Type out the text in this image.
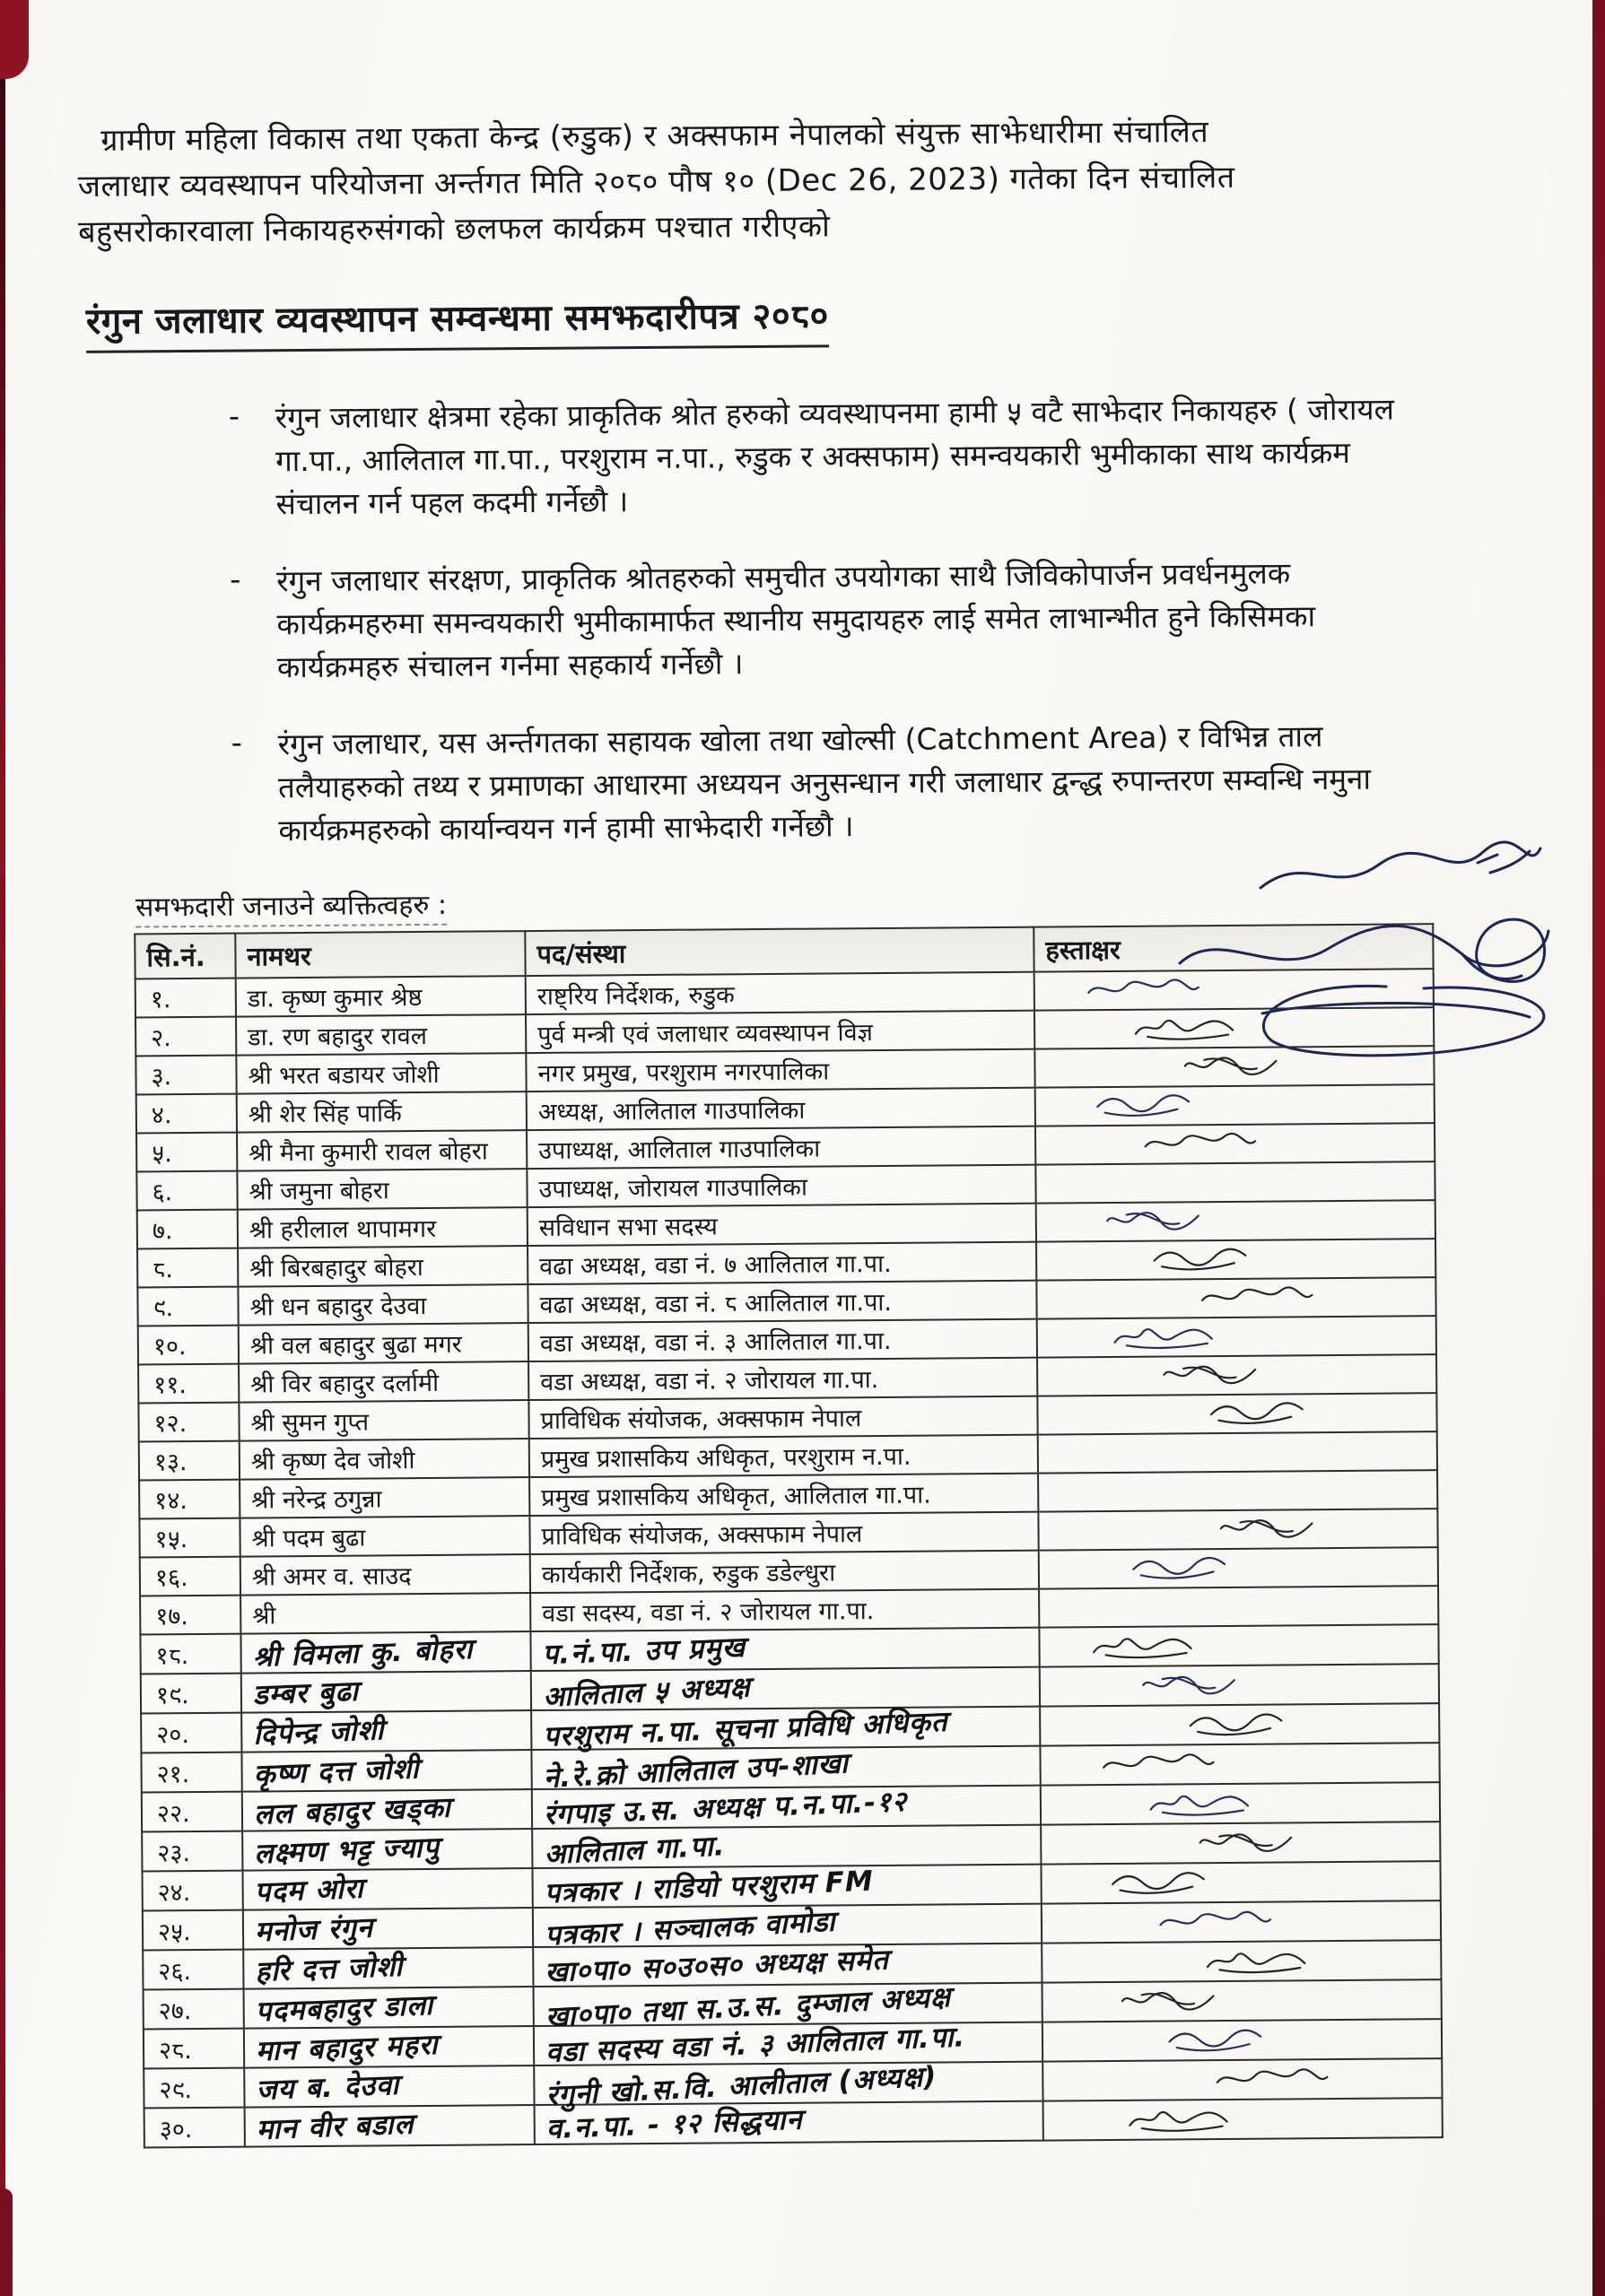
ग्रामीण महिला विकास तथा एकता केन्द्र (रुडुक) र अक्सफाम नेपालको संयुक्त साझेधारीमा संचालित

जलाधार व्यवस्थापन परियोजना अर्न्तगत मिति २०८० पौष १० (Dec 26, 2023) गतेका दिन संचालित

बहुसरोकारवाला निकायहरुसंगको छलफल कार्यक्रम पश्चात गरीएको

रंगुन जलाधार व्यवस्थापन सम्वन्धमा समझदारीपत्र २०८०
- रंगुन जलाधार क्षेत्रमा रहेका प्राकृतिक श्रोत हरुको व्यवस्थापनमा हामी ५ वटै साझेदार निकायहरु ( जोरायल गा.पा., आलिताल गा.पा., परशुराम न.पा., रुडुक र अक्सफाम) समन्वयकारी भुमीकाका साथ कार्यक्रम संचालन गर्न पहल कदमी गर्नेछौ ।
- रंगुन जलाधार संरक्षण, प्राकृतिक श्रोतहरुको समुचीत उपयोगका साथै जिविकोपार्जन प्रवर्धनमुलक कार्यक्रमहरुमा समन्वयकारी भुमीकामार्फत स्थानीय समुदायहरु लाई समेत लाभान्भीत हुने किसिमका कार्यक्रमहरु संचालन गर्नमा सहकार्य गर्नेछौ ।
- रंगुन जलाधार, यस अर्न्तगतका सहायक खोला तथा खोल्सी (Catchment Area) र विभिन्न ताल तलैयाहरुको तथ्य र प्रमाणका आधारमा अध्ययन अनुसन्धान गरी जलाधार द्वन्द्ध रुपान्तरण सम्वन्धि नमुना कार्यक्रमहरुको कार्यान्वयन गर्न हामी साझेदारी गर्नेछौ ।
समझदारी जनाउने ब्यक्तित्वहरु :
सि.नं.	नामथर	पद/संस्था	हस्ताक्षर
१.	डा. कृष्ण कुमार श्रेष्ठ	राष्ट्रिय निर्देशक, रुडुक	
२.	डा. रण बहादुर रावल	पुर्व मन्त्री एवं जलाधार व्यवस्थापन विज्ञ	
३.	श्री भरत बडायर जोशी	नगर प्रमुख, परशुराम नगरपालिका	
४.	श्री शेर सिंह पार्कि	अध्यक्ष, आलिताल गाउपालिका	
५.	श्री मैना कुमारी रावल बोहरा	उपाध्यक्ष, आलिताल गाउपालिका	
६.	श्री जमुना बोहरा	उपाध्यक्ष, जोरायल गाउपालिका	
७.	श्री हरीलाल थापामगर	सविधान सभा सदस्य	
८.	श्री बिरबहादुर बोहरा	वढा अध्यक्ष, वडा नं. ७ आलिताल गा.पा.	
९.	श्री धन बहादुर देउवा	वढा अध्यक्ष, वडा नं. ८ आलिताल गा.पा.	
१०.	श्री वल बहादुर बुढा मगर	वडा अध्यक्ष, वडा नं. ३ आलिताल गा.पा.	
११.	श्री विर बहादुर दर्लामी	वडा अध्यक्ष, वडा नं. २ जोरायल गा.पा.	
१२.	श्री सुमन गुप्त	प्राविधिक संयोजक, अक्सफाम नेपाल	
१३.	श्री कृष्ण देव जोशी	प्रमुख प्रशासकिय अधिकृत, परशुराम न.पा.	
१४.	श्री नरेन्द्र ठगुन्ना	प्रमुख प्रशासकिय अधिकृत, आलिताल गा.पा.	
१५.	श्री पदम बुढा	प्राविधिक संयोजक, अक्सफाम नेपाल	
१६.	श्री अमर व. साउद	कार्यकारी निर्देशक, रुडुक डडेल्धुरा	
१७.	श्री	वडा सदस्य, वडा नं. २ जोरायल गा.पा.	
१८.	श्री विमला कु. बोहरा	प.नं.पा. उप प्रमुख	
१९.	डम्बर बुढा	आलिताल ५ अध्यक्ष	
२०.	दिपेन्द्र जोशी	परशुराम न.पा. सूचना प्रविधि अधिकृत	
२१.	कृष्ण दत्त जोशी	ने.रे.क्रो आलिताल उप-शाखा	
२२.	लल बहादुर खड्का	रंगपाइ उ.स. अध्यक्ष प.न.पा.-१२	
२३.	लक्ष्मण भट्ट ज्यापु	आलिताल गा.पा.	
२४.	पदम ओरा	पत्रकार । राडियो परशुराम FM	
२५.	मनोज रंगुन	पत्रकार । सञ्चालक वामोडा	
२६.	हरि दत्त जोशी	खा०पा० स०उ०स० अध्यक्ष समेत	
२७.	पदमबहादुर डाला	खा०पा० तथा स.उ.स. दुम्जाल अध्यक्ष	
२८.	मान बहादुर महरा	वडा सदस्य वडा नं. ३ आलिताल गा.पा.	
२९.	जय ब. देउवा	रंगुनी खो.स.वि. आलीताल (अध्यक्ष)	
३०.	मान वीर बडाल	व.न.पा. - १२ सिद्धयान	
